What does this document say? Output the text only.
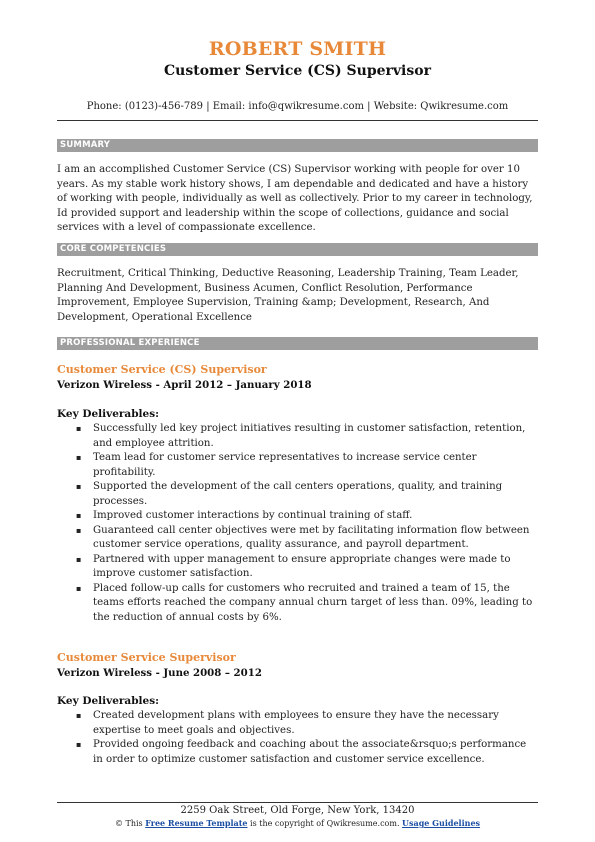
ROBERT SMITH
Customer Service (CS) Supervisor
Phone: (0123)-456-789 | Email: info@qwikresume.com | Website: Qwikresume.com
SUMMARY
I am an accomplished Customer Service (CS) Supervisor working with people for over 10 years. As my stable work history shows, I am dependable and dedicated and have a history of working with people, individually as well as collectively. Prior to my career in technology, Id provided support and leadership within the scope of collections, guidance and social services with a level of compassionate excellence.
CORE COMPETENCIES
Recruitment, Critical Thinking, Deductive Reasoning, Leadership Training, Team Leader, Planning And Development, Business Acumen, Conflict Resolution, Performance Improvement, Employee Supervision, Training &amp; Development, Research, And Development, Operational Excellence
PROFESSIONAL EXPERIENCE
Customer Service (CS) Supervisor
Verizon Wireless - April 2012 – January 2018
Key Deliverables:
▪ Successfully led key project initiatives resulting in customer satisfaction, retention, and employee attrition.
▪ Team lead for customer service representatives to increase service center profitability.
▪ Supported the development of the call centers operations, quality, and training processes.
▪ Improved customer interactions by continual training of staff.
▪ Guaranteed call center objectives were met by facilitating information flow between customer service operations, quality assurance, and payroll department.
▪ Partnered with upper management to ensure appropriate changes were made to improve customer satisfaction.
▪ Placed follow-up calls for customers who recruited and trained a team of 15, the teams efforts reached the company annual churn target of less than. 09%, leading to the reduction of annual costs by 6%.
Customer Service Supervisor
Verizon Wireless - June 2008 – 2012
Key Deliverables:
▪ Created development plans with employees to ensure they have the necessary expertise to meet goals and objectives.
▪ Provided ongoing feedback and coaching about the associate&rsquo;s performance in order to optimize customer satisfaction and customer service excellence.
2259 Oak Street, Old Forge, New York, 13420
© This Free Resume Template is the copyright of Qwikresume.com. Usage Guidelines
